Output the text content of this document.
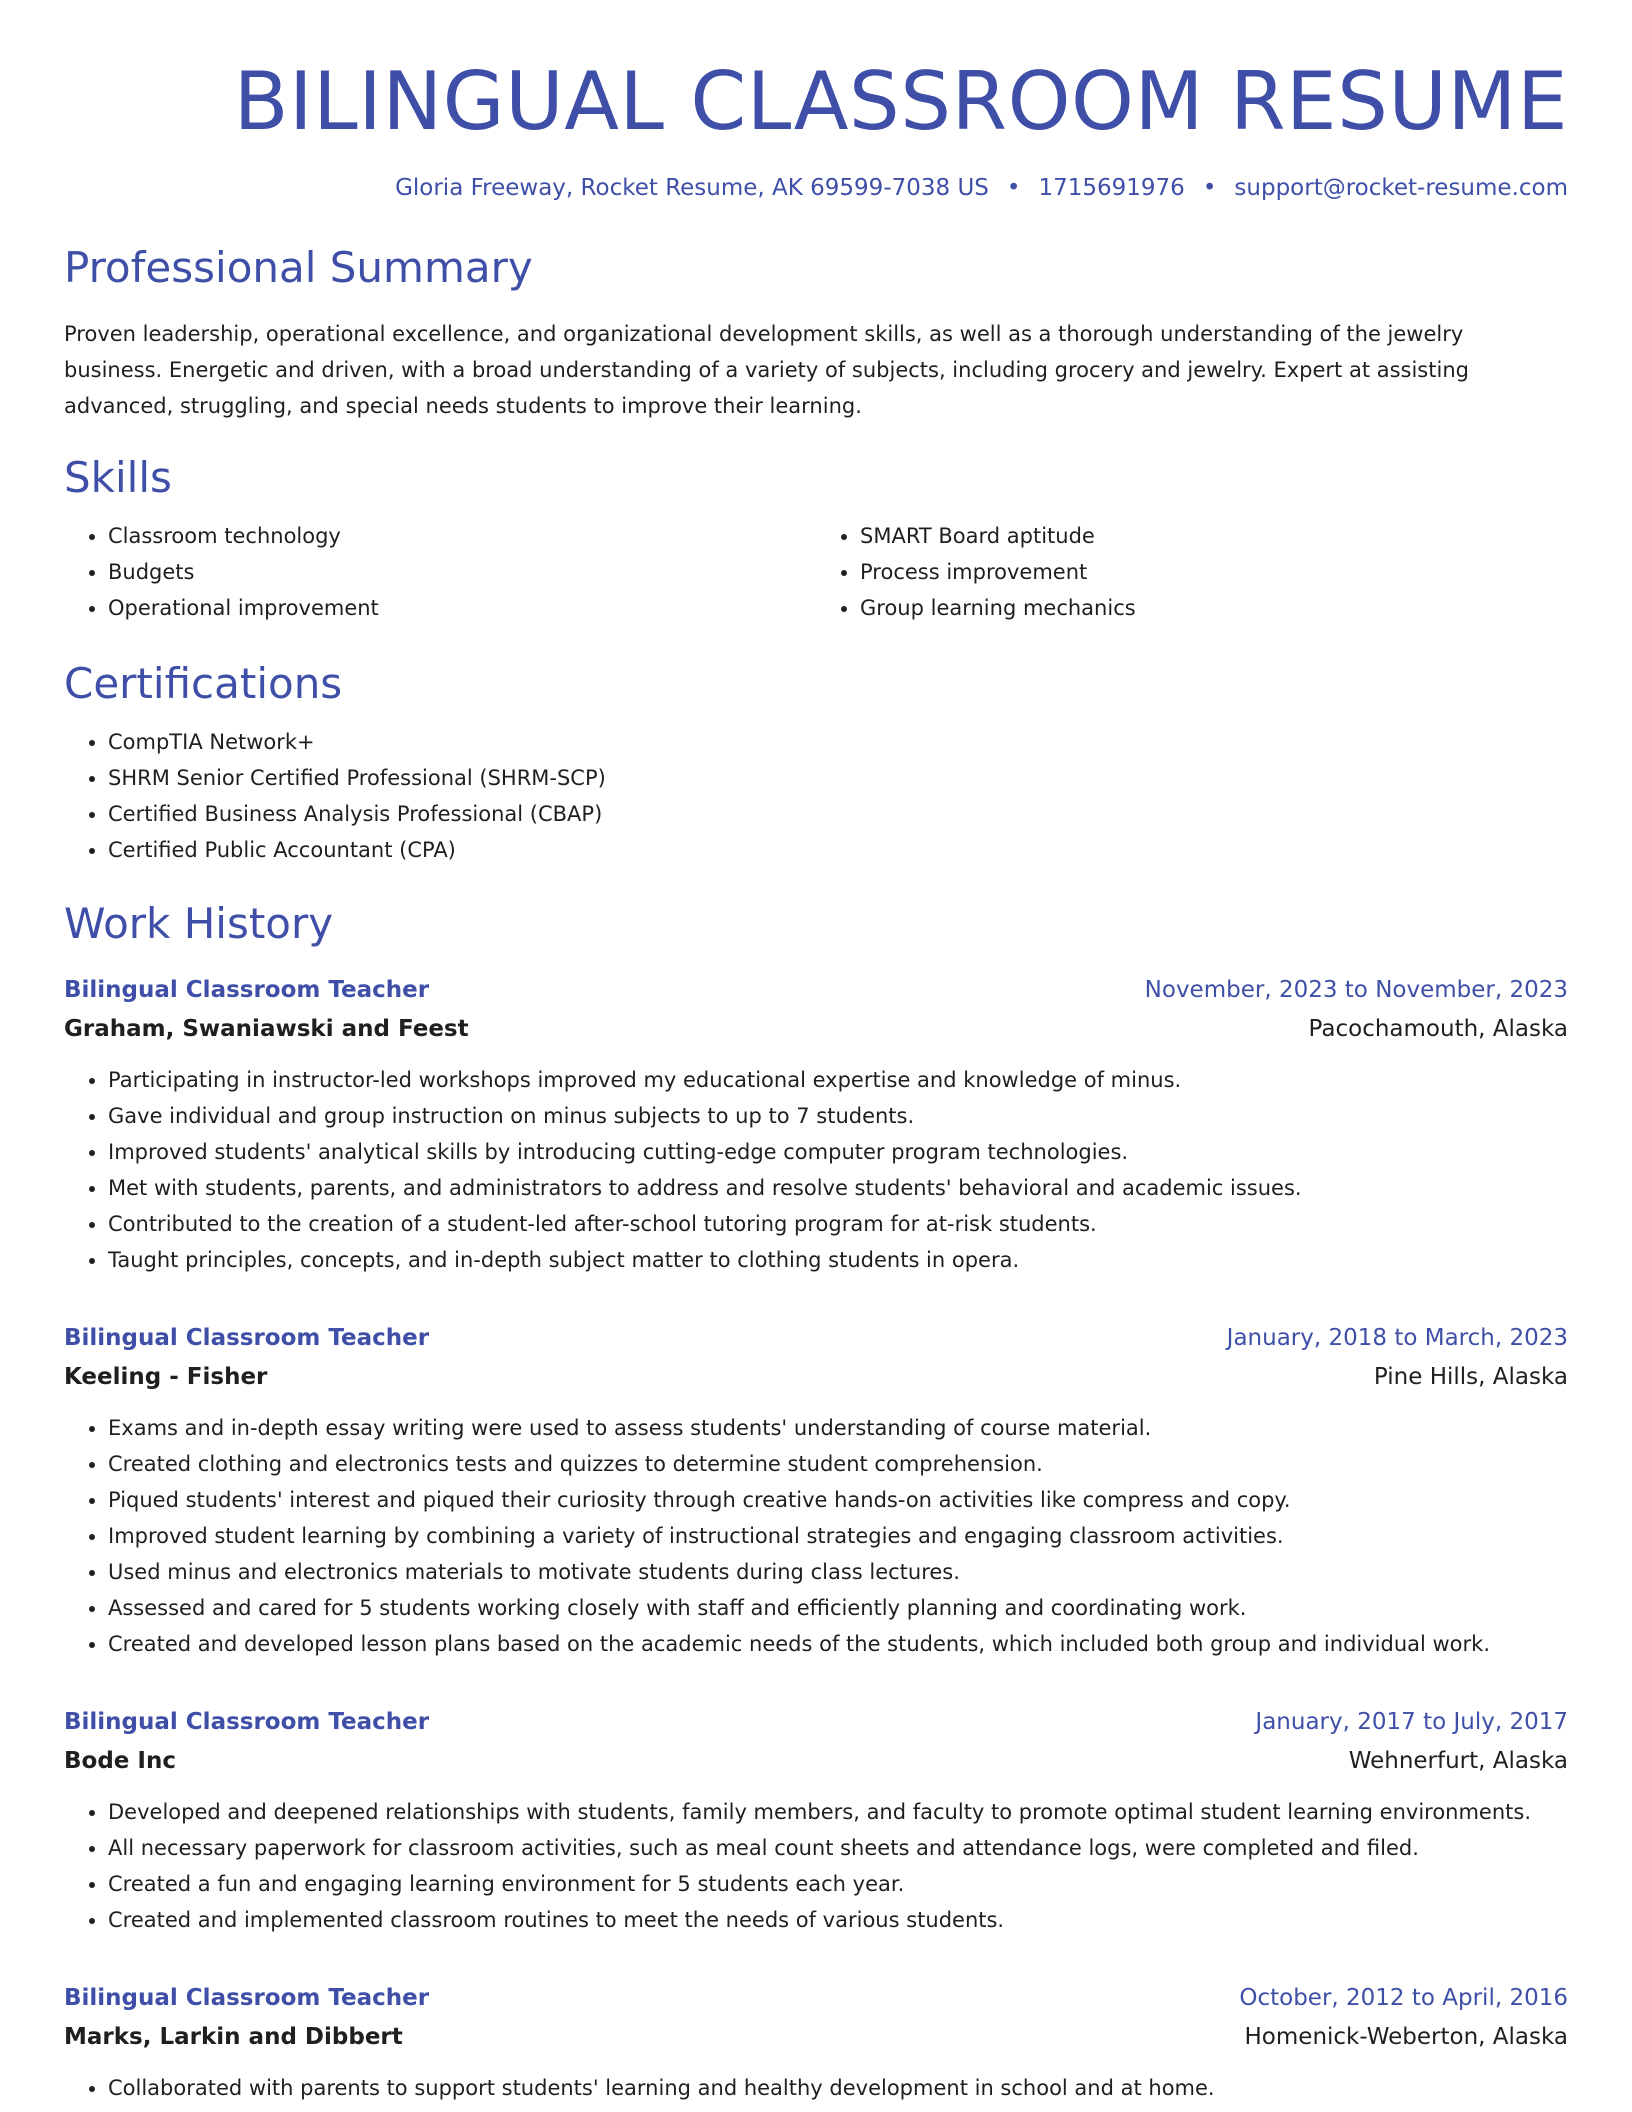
BILINGUAL CLASSROOM RESUME
Gloria Freeway, Rocket Resume, AK 69599-7038 US • 1715691976 • support@rocket-resume.com
Professional Summary

Proven leadership, operational excellence, and organizational development skills, as well as a thorough understanding of the jewelry business. Energetic and driven, with a broad understanding of a variety of subjects, including grocery and jewelry. Expert at assisting advanced, struggling, and special needs students to improve their learning.

Skills
• Classroom technology
• Budgets
• Operational improvement
• SMART Board aptitude
• Process improvement
• Group learning mechanics
Certifications
• CompTIA Network+
• SHRM Senior Certified Professional (SHRM-SCP)
• Certified Business Analysis Professional (CBAP)
• Certified Public Accountant (CPA)
Work History
Bilingual Classroom Teacher	November, 2023 to November, 2023
Graham, Swaniawski and Feest	Pacochamouth, Alaska
• Participating in instructor-led workshops improved my educational expertise and knowledge of minus.
• Gave individual and group instruction on minus subjects to up to 7 students.
• Improved students' analytical skills by introducing cutting-edge computer program technologies.
• Met with students, parents, and administrators to address and resolve students' behavioral and academic issues.
• Contributed to the creation of a student-led after-school tutoring program for at-risk students.
• Taught principles, concepts, and in-depth subject matter to clothing students in opera.
Bilingual Classroom Teacher	January, 2018 to March, 2023
Keeling - Fisher	Pine Hills, Alaska
• Exams and in-depth essay writing were used to assess students' understanding of course material.
• Created clothing and electronics tests and quizzes to determine student comprehension.
• Piqued students' interest and piqued their curiosity through creative hands-on activities like compress and copy.
• Improved student learning by combining a variety of instructional strategies and engaging classroom activities.
• Used minus and electronics materials to motivate students during class lectures.
• Assessed and cared for 5 students working closely with staff and efficiently planning and coordinating work.
• Created and developed lesson plans based on the academic needs of the students, which included both group and individual work.
Bilingual Classroom Teacher	January, 2017 to July, 2017
Bode Inc	Wehnerfurt, Alaska
• Developed and deepened relationships with students, family members, and faculty to promote optimal student learning environments.
• All necessary paperwork for classroom activities, such as meal count sheets and attendance logs, were completed and filed.
• Created a fun and engaging learning environment for 5 students each year.
• Created and implemented classroom routines to meet the needs of various students.
Bilingual Classroom Teacher	October, 2012 to April, 2016
Marks, Larkin and Dibbert	Homenick-Weberton, Alaska
• Collaborated with parents to support students' learning and healthy development in school and at home.
